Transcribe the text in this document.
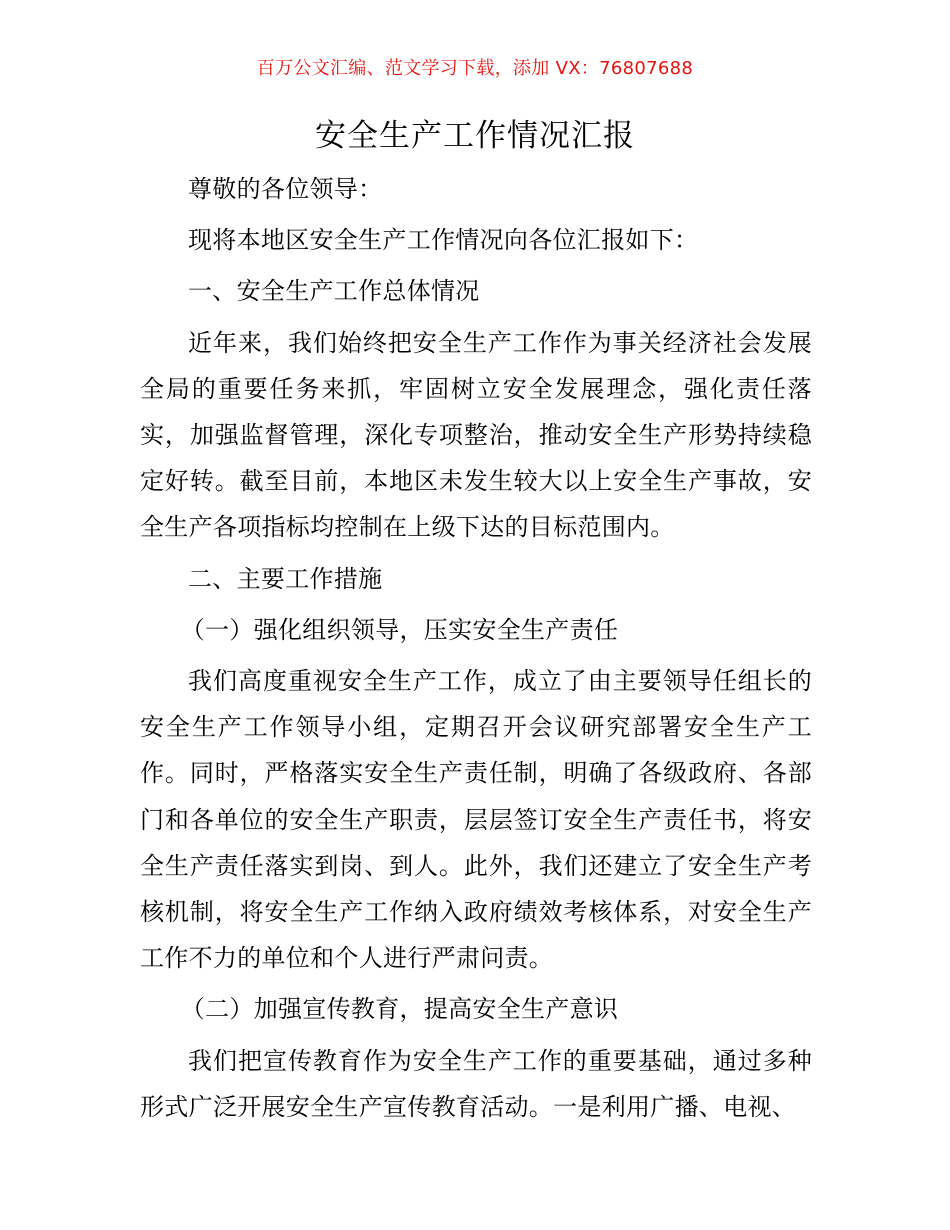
百万公文汇编、范文学习下载，添加 VX：76807688
安全生产工作情况汇报

尊敬的各位领导：

现将本地区安全生产工作情况向各位汇报如下：

一、安全生产工作总体情况

近年来，我们始终把安全生产工作作为事关经济社会发展全局的重要任务来抓，牢固树立安全发展理念，强化责任落实，加强监督管理，深化专项整治，推动安全生产形势持续稳定好转。截至目前，本地区未发生较大以上安全生产事故，安全生产各项指标均控制在上级下达的目标范围内。

二、主要工作措施

（一）强化组织领导，压实安全生产责任

我们高度重视安全生产工作，成立了由主要领导任组长的安全生产工作领导小组，定期召开会议研究部署安全生产工作。同时，严格落实安全生产责任制，明确了各级政府、各部门和各单位的安全生产职责，层层签订安全生产责任书，将安全生产责任落实到岗、到人。此外，我们还建立了安全生产考核机制，将安全生产工作纳入政府绩效考核体系，对安全生产工作不力的单位和个人进行严肃问责。

（二）加强宣传教育，提高安全生产意识

我们把宣传教育作为安全生产工作的重要基础，通过多种形式广泛开展安全生产宣传教育活动。一是利用广播、电视、
